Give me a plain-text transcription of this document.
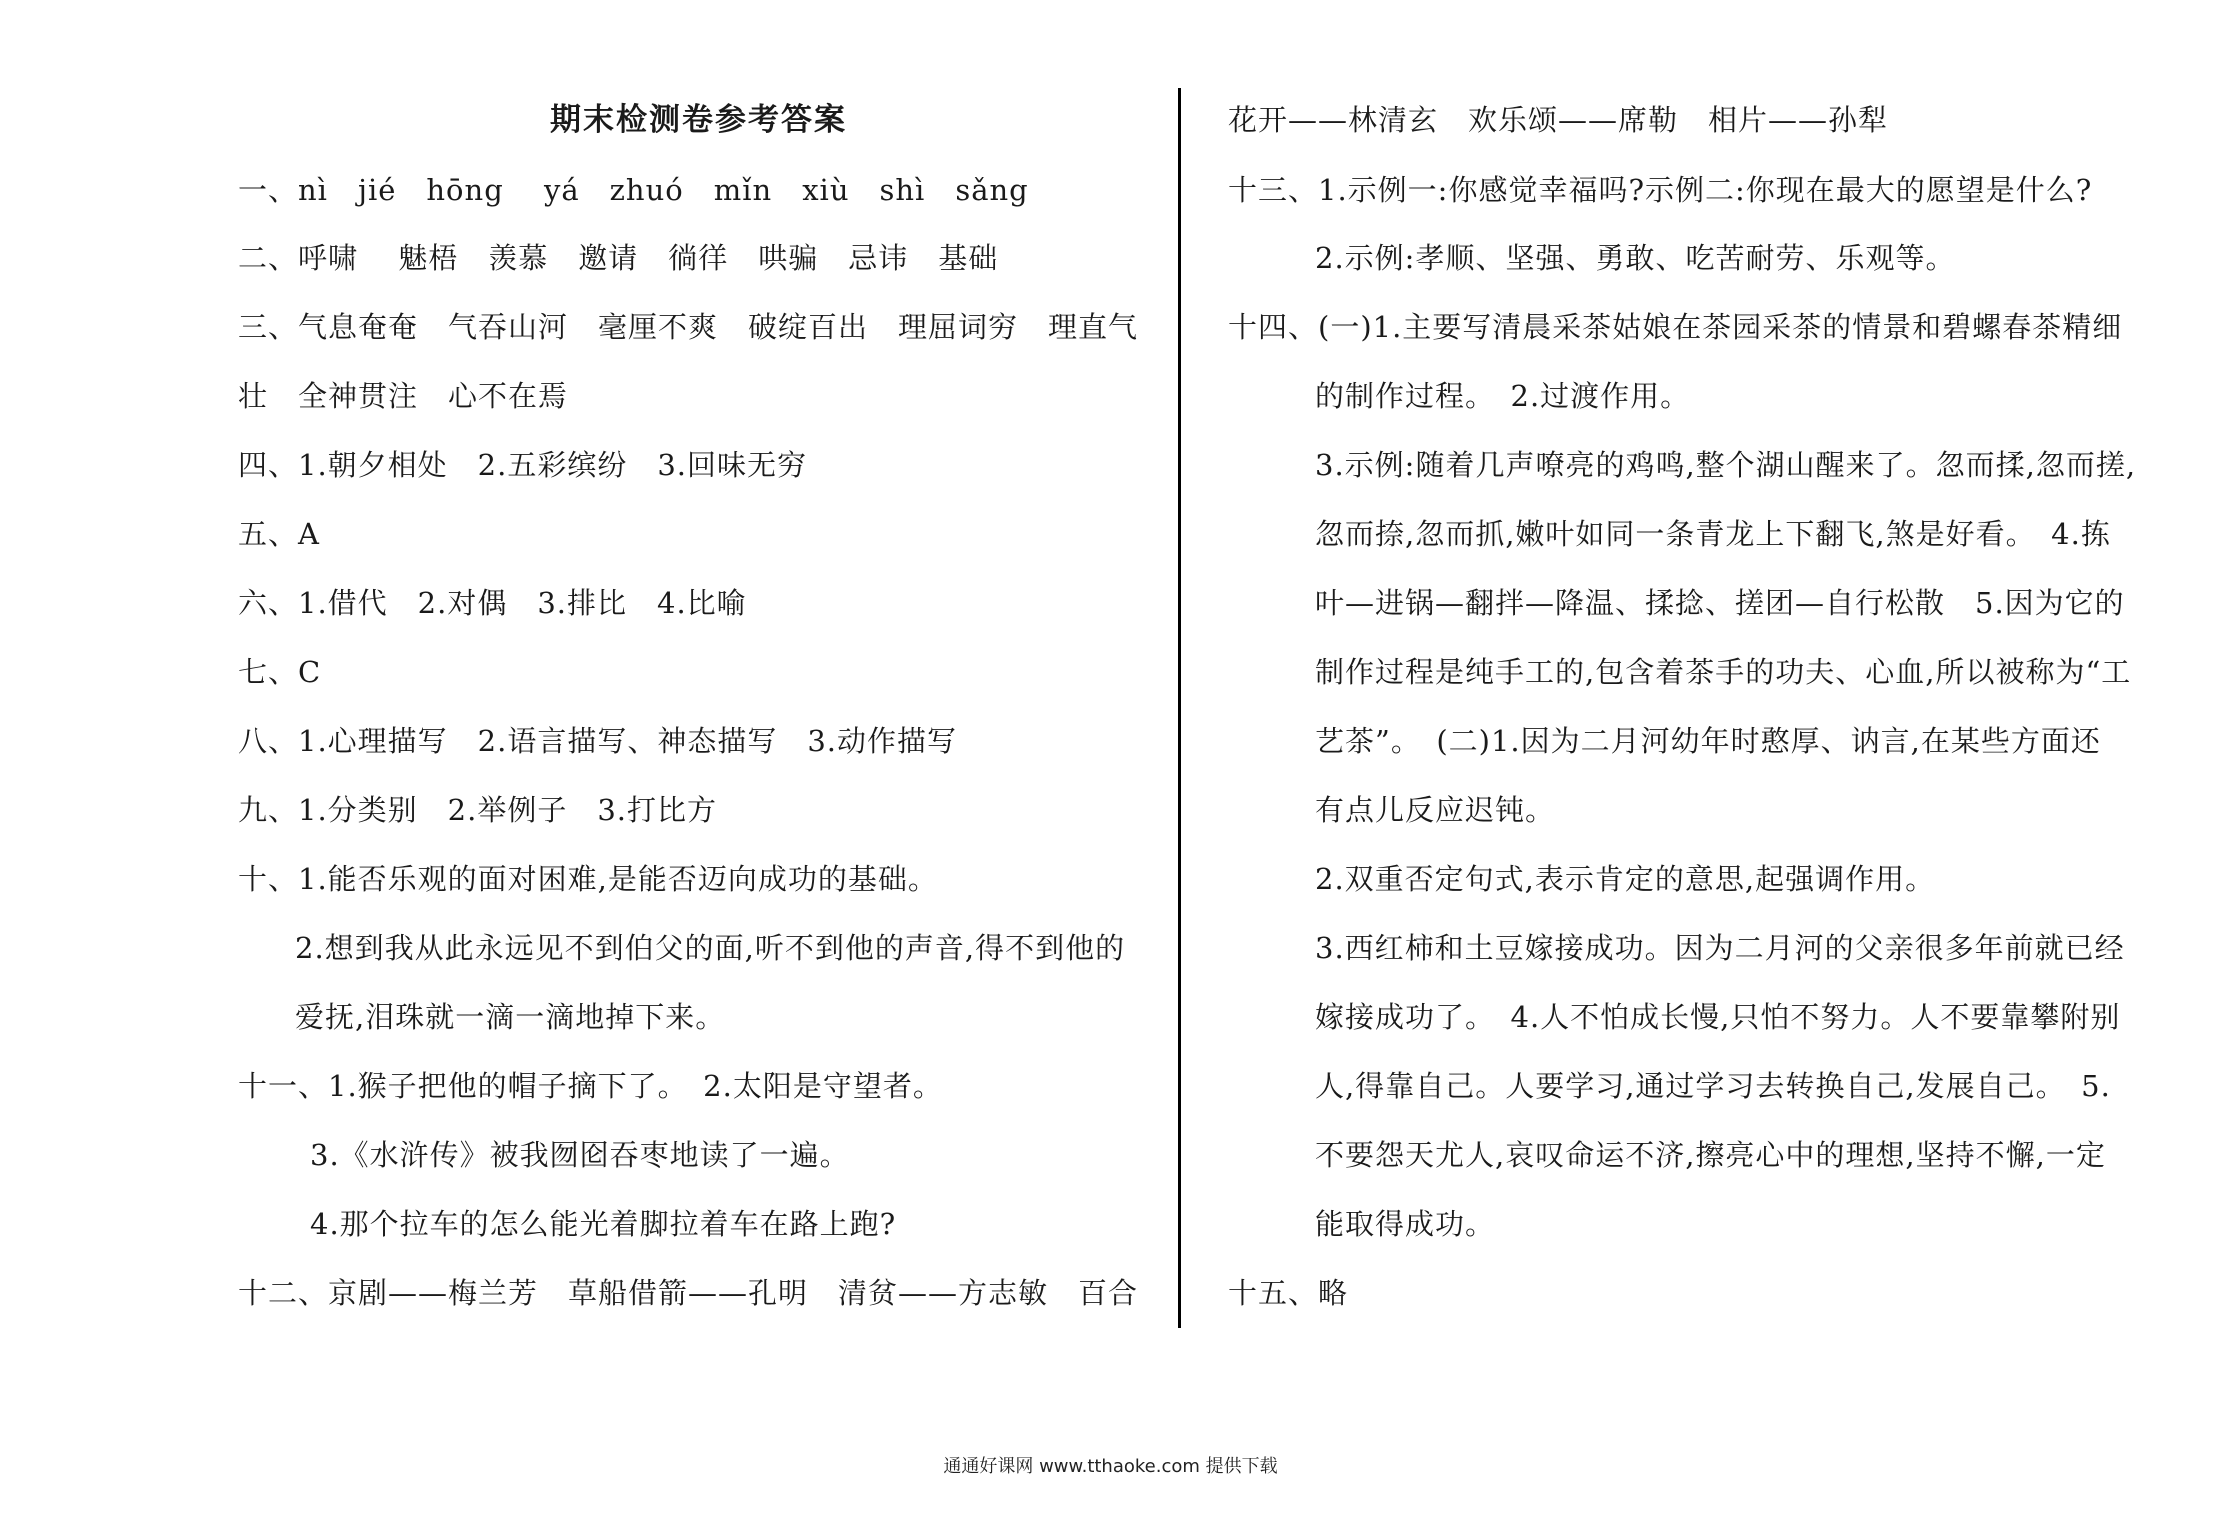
期末检测卷参考答案
一、nì　jié　hōng　 yá　zhuó　mǐn　xiù　shì　sǎng
二、呼啸　 魅梧　羡慕　邀请　徜徉　哄骗　忌讳　基础
三、气息奄奄　气吞山河　毫厘不爽　破绽百出　理屈词穷　理直气
壮　全神贯注　心不在焉
四、1.朝夕相处　2.五彩缤纷　3.回味无穷
五、A
六、1.借代　2.对偶　3.排比　4.比喻
七、C
八、1.心理描写　2.语言描写、神态描写　3.动作描写
九、1.分类别　2.举例子　3.打比方
十、1.能否乐观的面对困难,是能否迈向成功的基础。
2.想到我从此永远见不到伯父的面,听不到他的声音,得不到他的
爱抚,泪珠就一滴一滴地掉下来。
十一、1.猴子把他的帽子摘下了。　2.太阳是守望者。
3.《水浒传》被我囫囵吞枣地读了一遍。
4.那个拉车的怎么能光着脚拉着车在路上跑?
十二、京剧——梅兰芳　草船借箭——孔明　清贫——方志敏　百合
花开——林清玄　欢乐颂——席勒　相片——孙犁
十三、1.示例一:你感觉幸福吗?示例二:你现在最大的愿望是什么?
2.示例:孝顺、坚强、勇敢、吃苦耐劳、乐观等。
十四、(一)1.主要写清晨采茶姑娘在茶园采茶的情景和碧螺春茶精细
的制作过程。　2.过渡作用。
3.示例:随着几声嘹亮的鸡鸣,整个湖山醒来了。忽而揉,忽而搓,
忽而捺,忽而抓,嫩叶如同一条青龙上下翻飞,煞是好看。　4.拣
叶—进锅—翻拌—降温、揉捻、搓团—自行松散　5.因为它的
制作过程是纯手工的,包含着茶手的功夫、心血,所以被称为“工
艺茶”。　(二)1.因为二月河幼年时憨厚、讷言,在某些方面还
有点儿反应迟钝。
2.双重否定句式,表示肯定的意思,起强调作用。
3.西红柿和土豆嫁接成功。因为二月河的父亲很多年前就已经
嫁接成功了。　4.人不怕成长慢,只怕不努力。人不要靠攀附别
人,得靠自己。人要学习,通过学习去转换自己,发展自己。　5.
不要怨天尤人,哀叹命运不济,擦亮心中的理想,坚持不懈,一定
能取得成功。
十五、略
通通好课网 www.tthaoke.com 提供下载
